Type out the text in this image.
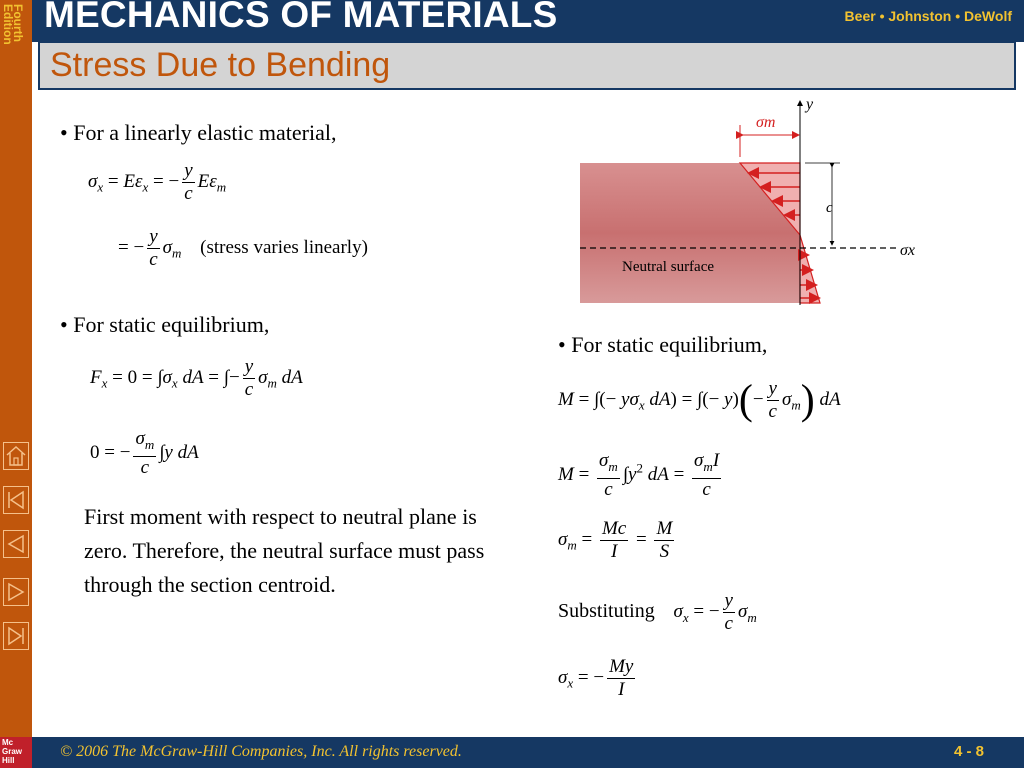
Fourth
Edition
Mc
Graw
Hill
MECHANICS OF MATERIALS	Beer • Johnston • DeWolf
Stress Due to Bending
• For a linearly elastic material,
$\sigma_x = E\varepsilon_x$ = − $\frac{y}{c} E\varepsilon_m$
= − $\frac{y}{c} \sigma_m$ (stress varies linearly)
• For static equilibrium,
$F_x = 0 = \int\sigma_x$ dA = ∫− $\frac{y}{c} \sigma_m$ dA
0 = − $\frac{\sigma_m}{c} \int y$ dA
First moment with respect to neutral plane is zero. Therefore, the neutral surface must pass through the section centroid.
c
σm
y
σx
Neutral surface
• For static equilibrium,
M = ∫(− $y\sigma_x$ dA) = ∫(− $y)(- \frac{y}{c} \sigma_m)$ dA
$M = \frac{\sigma_m}{c} \int y^2$ dA = $\frac{\sigma_mI}{c}$
$\sigma_m = \frac{Mc}{I} = \frac{M}{S}$
Substituting $\sigma_x$ = − $\frac{y}{c} \sigma_m$
$\sigma_x$ = − $\frac{My}{I}$
© 2006 The McGraw-Hill Companies, Inc. All rights reserved.	4 - 8
